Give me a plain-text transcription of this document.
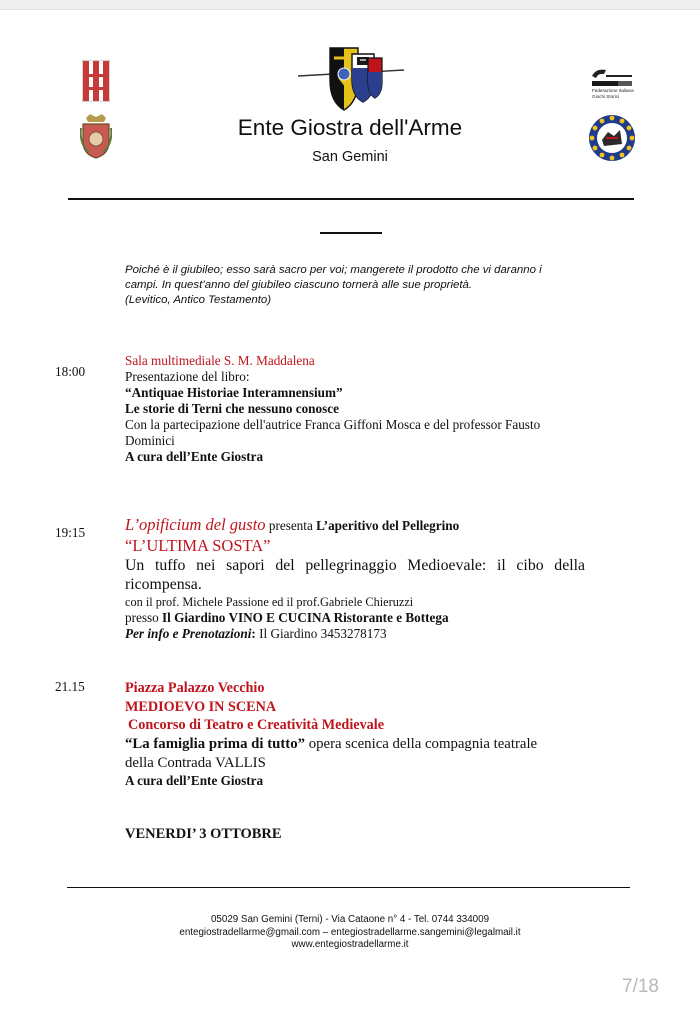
Federazione Italiana
Giochi Storici
Ente Giostra dell'Arme
San Gemini
Poiché è il giubileo; esso sarà sacro per voi; mangerete il prodotto che vi daranno i campi. In quest’anno del giubileo ciascuno tornerà alle sue proprietà.
(Levitico, Antico Testamento)
18:00
Sala multimediale S. M. Maddalena
Presentazione del libro:
“Antiquae Historiae Interamnensium”
Le storie di Terni che nessuno conosce
Con la partecipazione dell'autrice Franca Giffoni Mosca e del professor Fausto
Dominici
A cura dell’Ente Giostra
19:15 L’opificium del gusto presenta L’aperitivo del Pellegrino
“L’ULTIMA SOSTA”
Un tuffo nei sapori del pellegrinaggio Medioevale: il cibo della
ricompensa.
con il prof. Michele Passione ed il prof.Gabriele Chieruzzi
presso Il Giardino VINO E CUCINA Ristorante e Bottega
Per info e Prenotazioni: Il Giardino 3453278173
21.15	Piazza Palazzo Vecchio
MEDIOEVO IN SCENA
Concorso di Teatro e Creatività Medievale
“La famiglia prima di tutto” opera scenica della compagnia teatrale
della Contrada VALLIS
A cura dell’Ente Giostra
VENERDI’ 3 OTTOBRE
05029 San Gemini (Terni) - Via Cataone n° 4 - Tel. 0744 334009
entegiostradellarme@gmail.com – entegiostradellarme.sangemini@legalmail.it
www.entegiostradellarme.it
7/18
